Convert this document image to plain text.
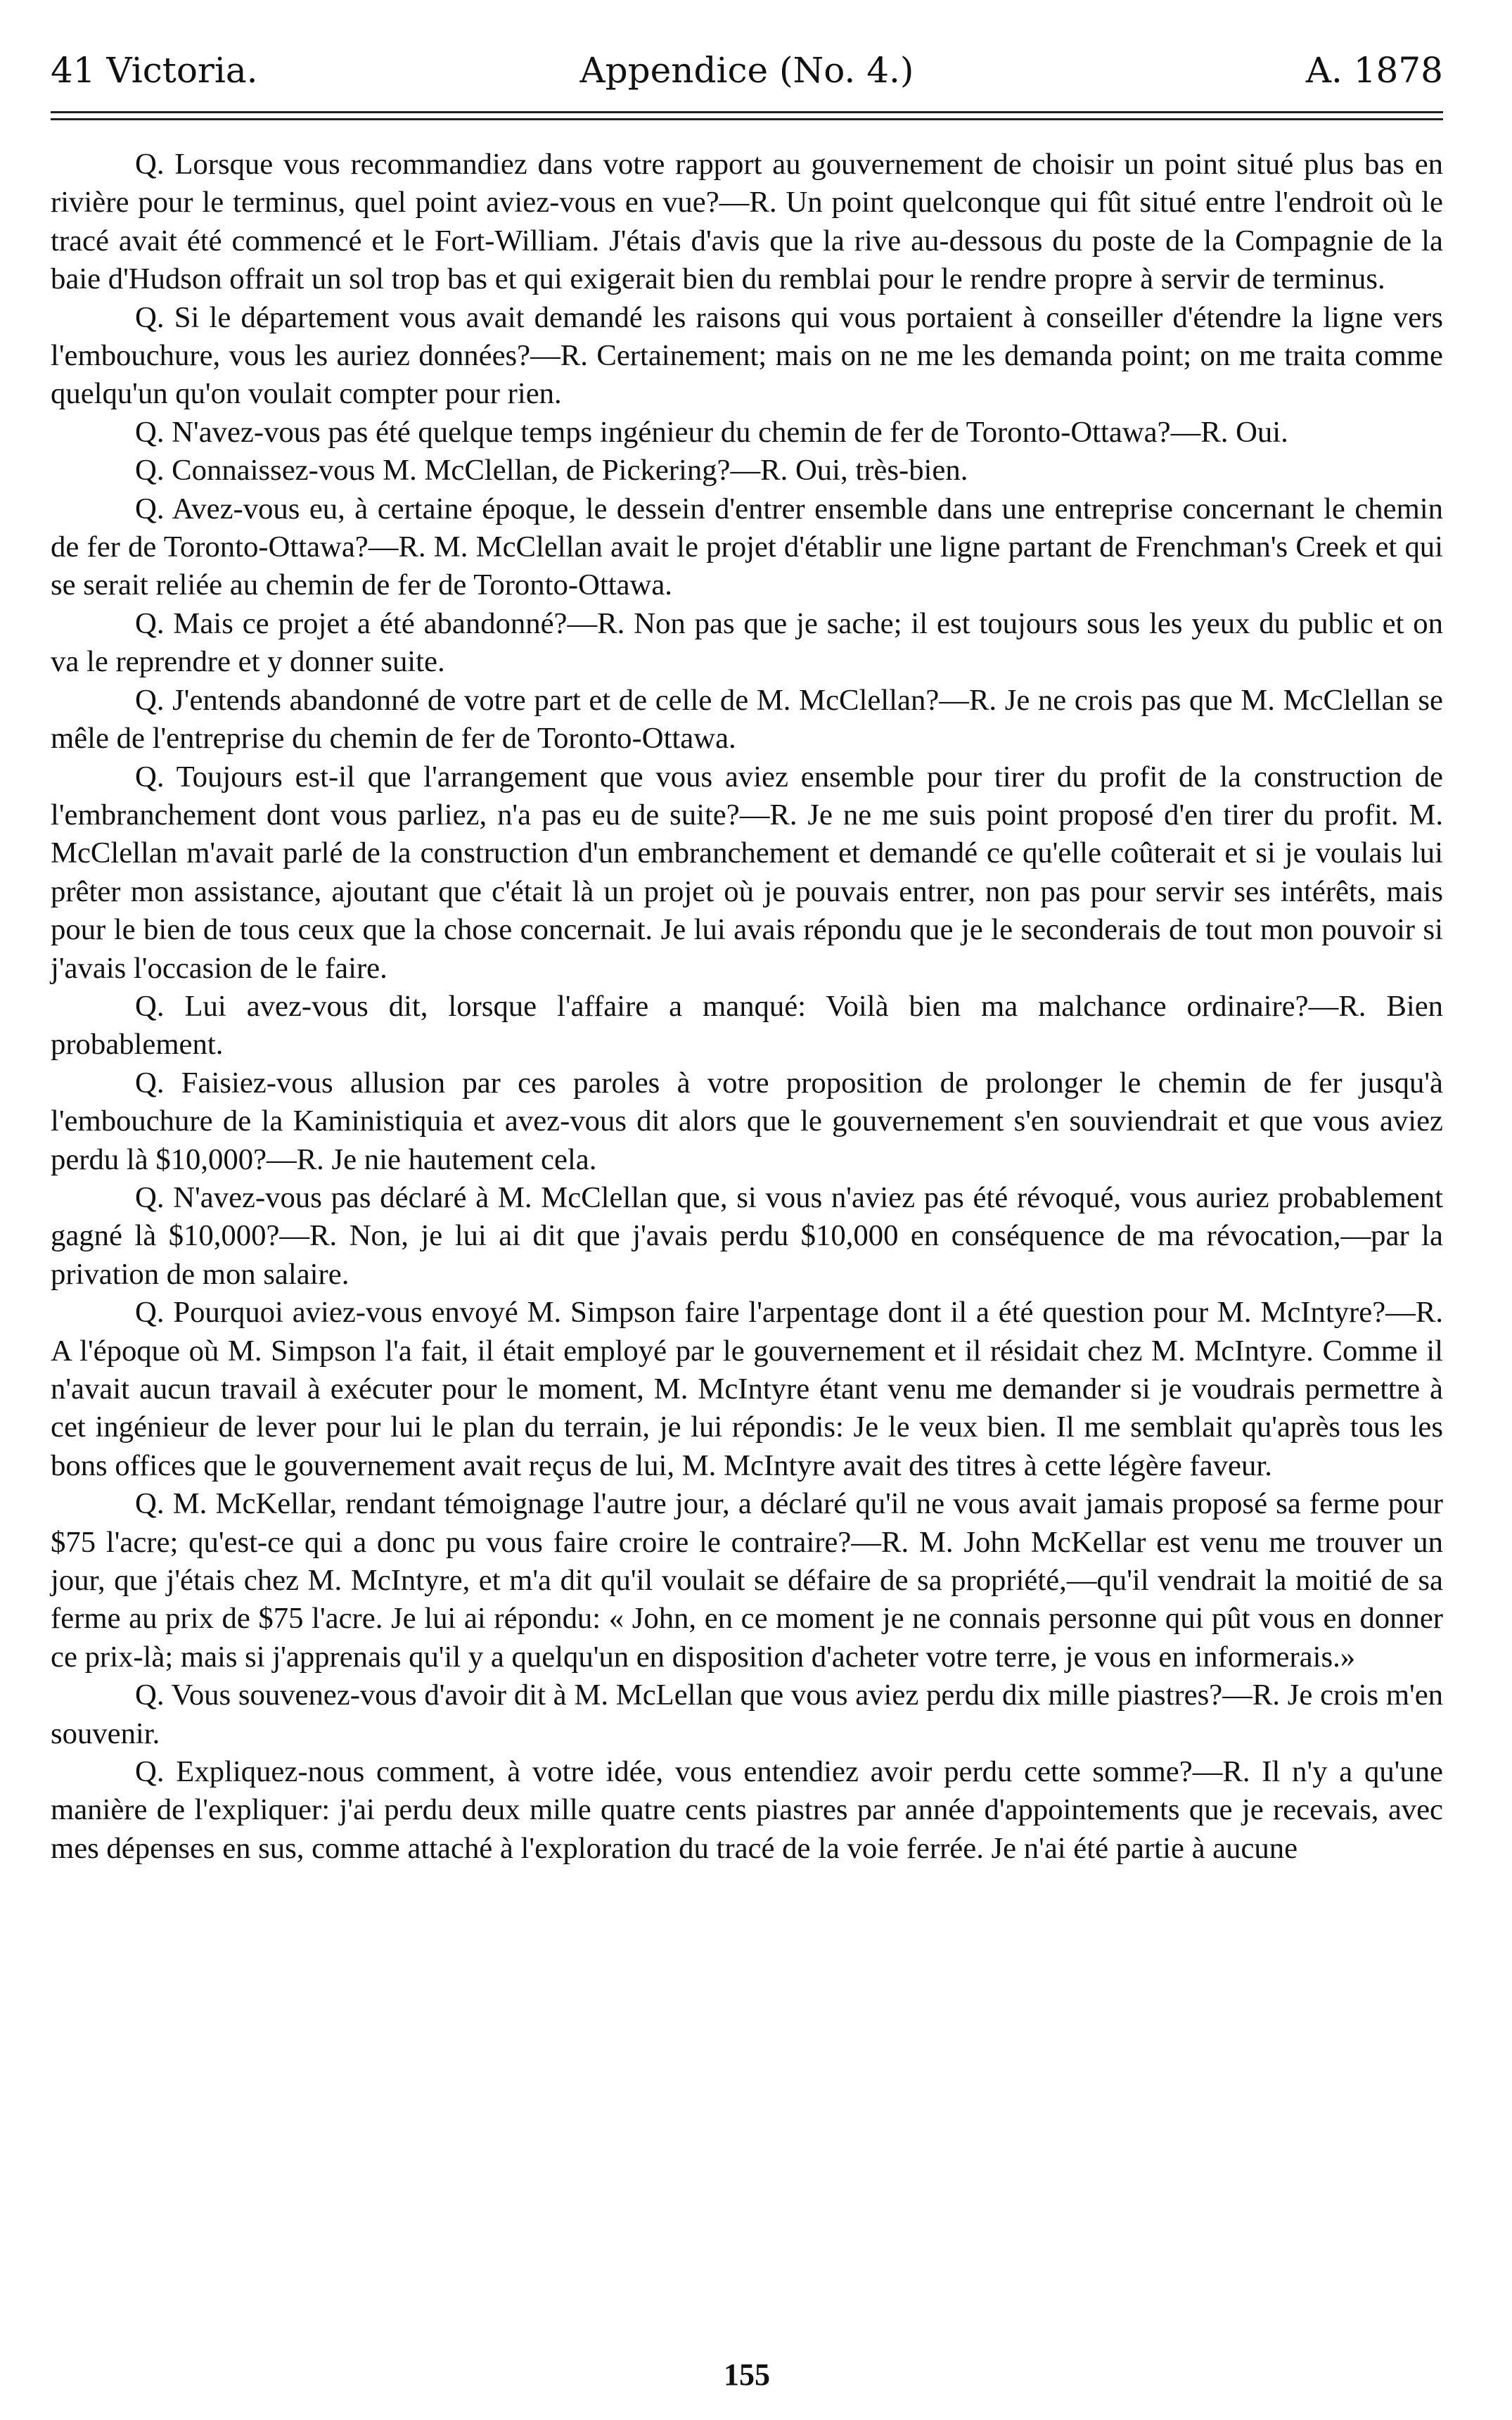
41 Victoria.	Appendice (No. 4.)	A. 1878

Q. Lorsque vous recommandiez dans votre rapport au gouvernement de choisir un point situé plus bas en rivière pour le terminus, quel point aviez-vous en vue?—R. Un point quelconque qui fût situé entre l'endroit où le tracé avait été commencé et le Fort-William. J'étais d'avis que la rive au-dessous du poste de la Compagnie de la baie d'Hudson offrait un sol trop bas et qui exigerait bien du remblai pour le rendre propre à servir de terminus.

Q. Si le département vous avait demandé les raisons qui vous portaient à conseiller d'étendre la ligne vers l'embouchure, vous les auriez données?—R. Certainement; mais on ne me les demanda point; on me traita comme quelqu'un qu'on voulait compter pour rien.

Q. N'avez-vous pas été quelque temps ingénieur du chemin de fer de Toronto-Ottawa?—R. Oui.

Q. Connaissez-vous M. McClellan, de Pickering?—R. Oui, très-bien.

Q. Avez-vous eu, à certaine époque, le dessein d'entrer ensemble dans une entreprise concernant le chemin de fer de Toronto-Ottawa?—R. M. McClellan avait le projet d'établir une ligne partant de Frenchman's Creek et qui se serait reliée au chemin de fer de Toronto-Ottawa.

Q. Mais ce projet a été abandonné?—R. Non pas que je sache; il est toujours sous les yeux du public et on va le reprendre et y donner suite.

Q. J'entends abandonné de votre part et de celle de M. McClellan?—R. Je ne crois pas que M. McClellan se mêle de l'entreprise du chemin de fer de Toronto-Ottawa.

Q. Toujours est-il que l'arrangement que vous aviez ensemble pour tirer du profit de la construction de l'embranchement dont vous parliez, n'a pas eu de suite?—R. Je ne me suis point proposé d'en tirer du profit. M. McClellan m'avait parlé de la construction d'un embranchement et demandé ce qu'elle coûterait et si je voulais lui prêter mon assistance, ajoutant que c'était là un projet où je pouvais entrer, non pas pour servir ses intérêts, mais pour le bien de tous ceux que la chose concernait. Je lui avais répondu que je le seconderais de tout mon pouvoir si j'avais l'occasion de le faire.

Q. Lui avez-vous dit, lorsque l'affaire a manqué: Voilà bien ma malchance ordinaire?—R. Bien probablement.

Q. Faisiez-vous allusion par ces paroles à votre proposition de prolonger le chemin de fer jusqu'à l'embouchure de la Kaministiquia et avez-vous dit alors que le gouvernement s'en souviendrait et que vous aviez perdu là $10,000?—R. Je nie hautement cela.

Q. N'avez-vous pas déclaré à M. McClellan que, si vous n'aviez pas été révoqué, vous auriez probablement gagné là $10,000?—R. Non, je lui ai dit que j'avais perdu $10,000 en conséquence de ma révocation,—par la privation de mon salaire.

Q. Pourquoi aviez-vous envoyé M. Simpson faire l'arpentage dont il a été question pour M. McIntyre?—R. A l'époque où M. Simpson l'a fait, il était employé par le gouvernement et il résidait chez M. McIntyre. Comme il n'avait aucun travail à exécuter pour le moment, M. McIntyre étant venu me demander si je voudrais permettre à cet ingénieur de lever pour lui le plan du terrain, je lui répondis: Je le veux bien. Il me semblait qu'après tous les bons offices que le gouvernement avait reçus de lui, M. McIntyre avait des titres à cette légère faveur.

Q. M. McKellar, rendant témoignage l'autre jour, a déclaré qu'il ne vous avait jamais proposé sa ferme pour $75 l'acre; qu'est-ce qui a donc pu vous faire croire le contraire?—R. M. John McKellar est venu me trouver un jour, que j'étais chez M. McIntyre, et m'a dit qu'il voulait se défaire de sa propriété,—qu'il vendrait la moitié de sa ferme au prix de $75 l'acre. Je lui ai répondu: « John, en ce moment je ne connais personne qui pût vous en donner ce prix-là; mais si j'apprenais qu'il y a quelqu'un en disposition d'acheter votre terre, je vous en informerais.»

Q. Vous souvenez-vous d'avoir dit à M. McLellan que vous aviez perdu dix mille piastres?—R. Je crois m'en souvenir.

Q. Expliquez-nous comment, à votre idée, vous entendiez avoir perdu cette somme?—R. Il n'y a qu'une manière de l'expliquer: j'ai perdu deux mille quatre cents piastres par année d'appointements que je recevais, avec mes dépenses en sus, comme attaché à l'exploration du tracé de la voie ferrée. Je n'ai été partie à aucune

155
